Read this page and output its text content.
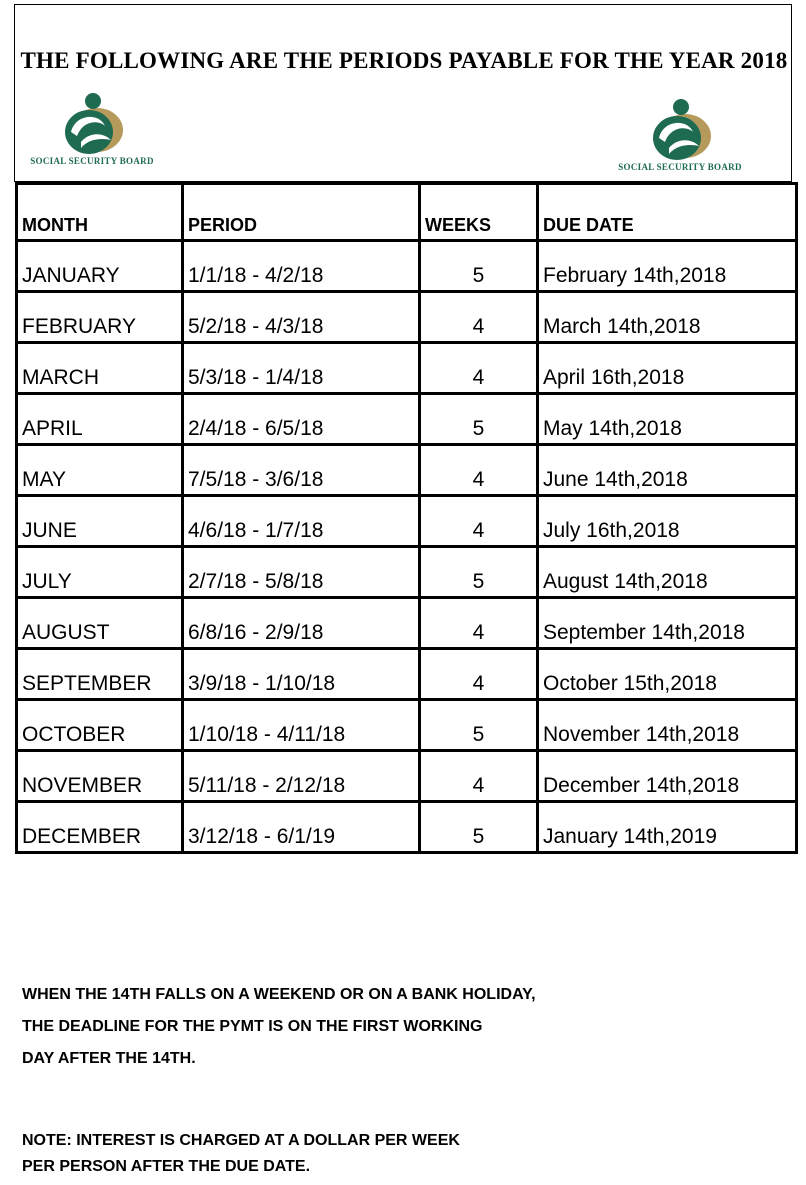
THE FOLLOWING ARE THE PERIODS PAYABLE FOR THE YEAR 2018
SOCIAL SECURITY BOARD
SOCIAL SECURITY BOARD
MONTH	PERIOD	WEEKS	DUE DATE
JANUARY	1/1/18 - 4/2/18	5	February 14th,2018
FEBRUARY	5/2/18 - 4/3/18	4	March 14th,2018
MARCH	5/3/18 - 1/4/18	4	April 16th,2018
APRIL	2/4/18 - 6/5/18	5	May 14th,2018
MAY	7/5/18 - 3/6/18	4	June 14th,2018
JUNE	4/6/18 - 1/7/18	4	July 16th,2018
JULY	2/7/18 - 5/8/18	5	August 14th,2018
AUGUST	6/8/16 - 2/9/18	4	September 14th,2018
SEPTEMBER	3/9/18 - 1/10/18	4	October 15th,2018
OCTOBER	1/10/18 - 4/11/18	5	November 14th,2018
NOVEMBER	5/11/18 - 2/12/18	4	December 14th,2018
DECEMBER	3/12/18 - 6/1/19	5	January 14th,2019
WHEN THE 14TH FALLS ON A WEEKEND OR ON A BANK HOLIDAY,
THE DEADLINE FOR THE PYMT IS ON THE FIRST WORKING
DAY AFTER THE 14TH.
NOTE: INTEREST IS CHARGED AT A DOLLAR PER WEEK
PER PERSON AFTER THE DUE DATE.
